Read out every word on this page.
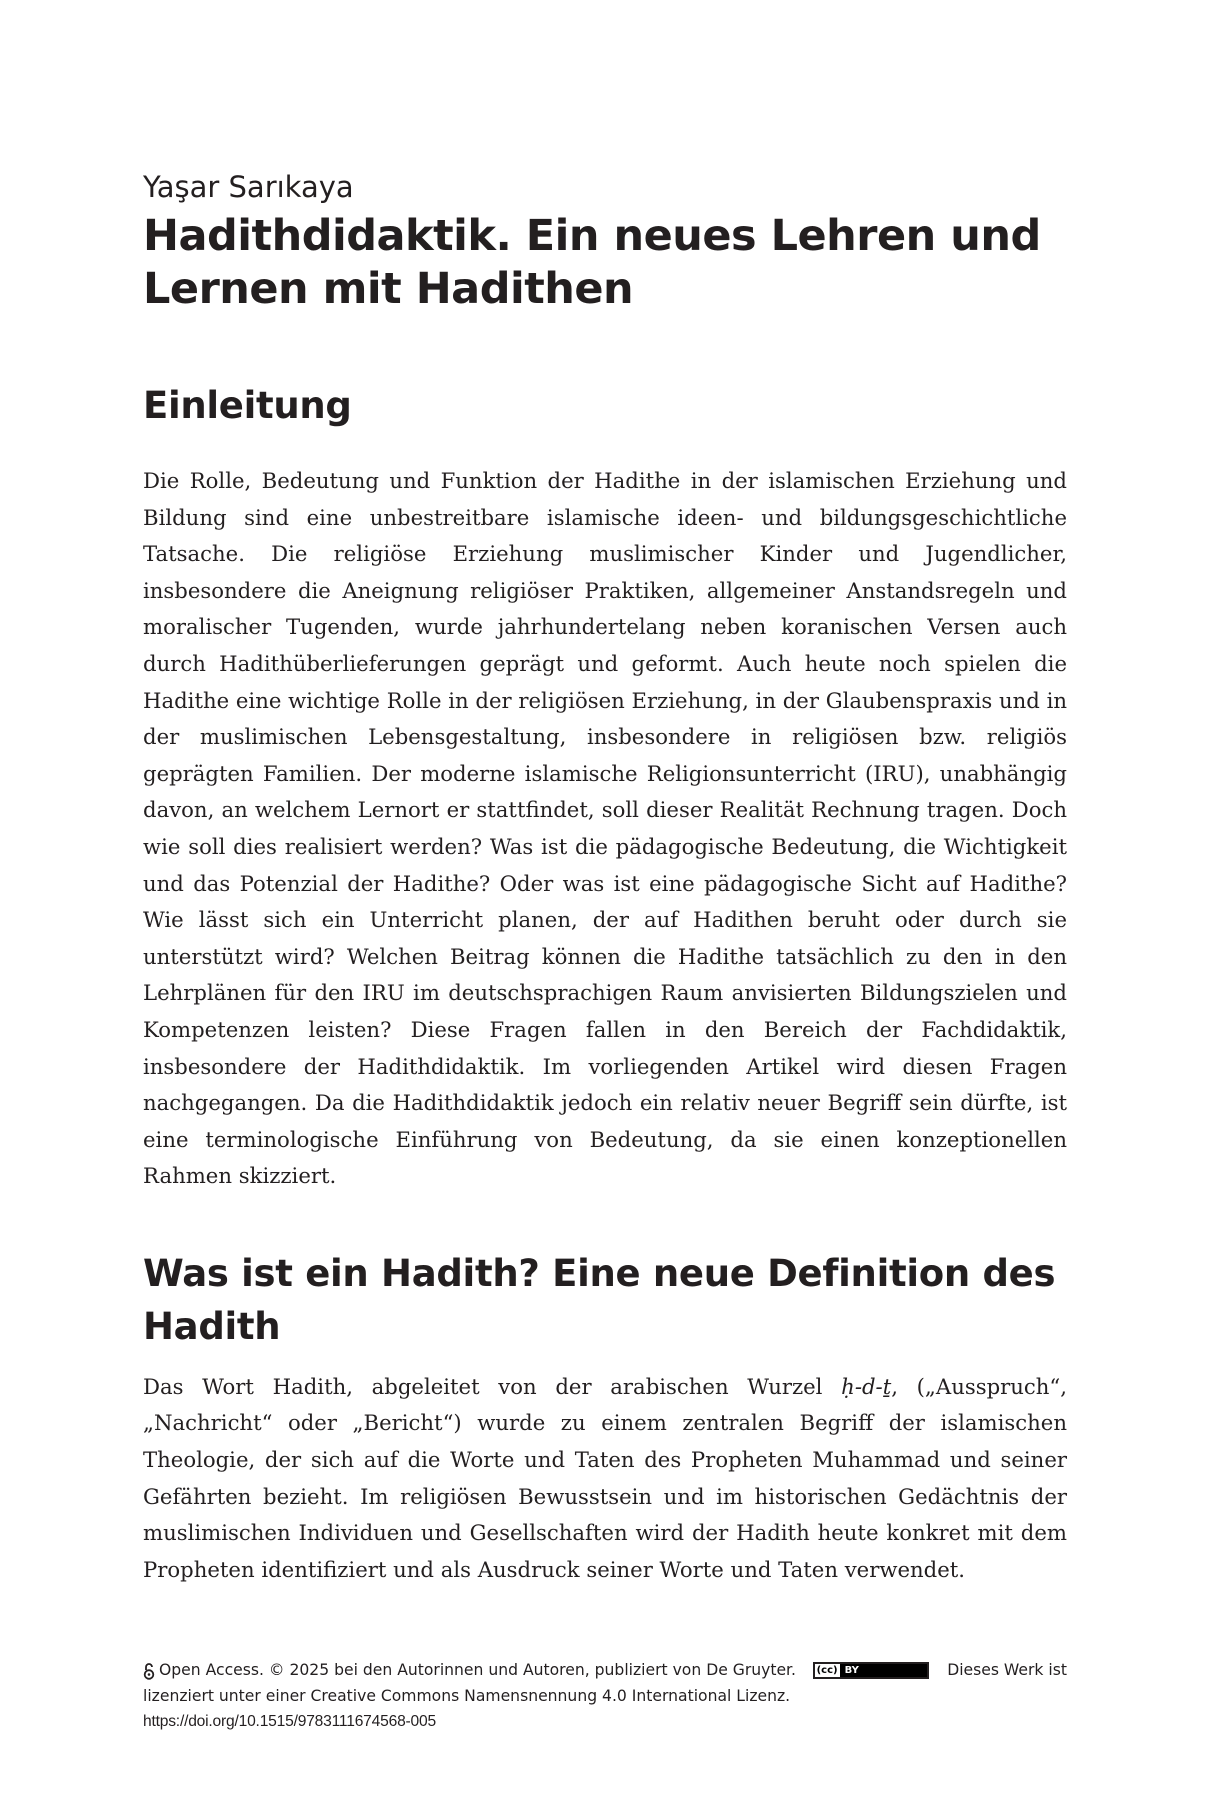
Yaşar Sarıkaya

Hadithdidaktik. Ein neues Lehren und
Lernen mit Hadithen
Einleitung

Die Rolle, Bedeutung und Funktion der Hadithe in der islamischen Erziehung und Bildung sind eine unbestreitbare islamische ideen- und bildungsgeschichtliche Tatsache. Die religiöse Erziehung muslimischer Kinder und Jugendlicher, insbesondere die Aneignung religiöser Praktiken, allgemeiner Anstandsregeln und moralischer Tugenden, wurde jahrhundertelang neben koranischen Versen auch durch Hadithüberlieferungen geprägt und geformt. Auch heute noch spielen die Hadithe eine wichtige Rolle in der religiösen Erziehung, in der Glaubenspraxis und in der muslimischen Lebensgestaltung, insbesondere in religiösen bzw. religiös geprägten Familien. Der moderne islamische Religionsunterricht (IRU), unabhängig davon, an welchem Lernort er stattfindet, soll dieser Realität Rechnung tragen. Doch wie soll dies realisiert werden? Was ist die pädagogische Bedeutung, die Wichtigkeit und das Potenzial der Hadithe? Oder was ist eine pädagogische Sicht auf Hadithe? Wie lässt sich ein Unterricht planen, der auf Hadithen beruht oder durch sie unterstützt wird? Welchen Beitrag können die Hadithe tatsächlich zu den in den Lehrplänen für den IRU im deutschsprachigen Raum anvisierten Bildungszielen und Kompetenzen leisten? Diese Fragen fallen in den Bereich der Fachdidaktik, insbesondere der Hadithdidaktik. Im vorliegenden Artikel wird diesen Fragen nachgegangen. Da die Hadithdidaktik jedoch ein relativ neuer Begriff sein dürfte, ist eine terminologische Einführung von Bedeutung, da sie einen konzeptionellen Rahmen skizziert.

Was ist ein Hadith? Eine neue Definition des
Hadith

Das Wort Hadith, abgeleitet von der arabischen Wurzel ḥ-d-ṯ, („Ausspruch“, „Nachricht“ oder „Bericht“) wurde zu einem zentralen Begriff der islamischen Theologie, der sich auf die Worte und Taten des Propheten Muhammad und seiner Gefährten bezieht. Im religiösen Bewusstsein und im historischen Gedächtnis der muslimischen Individuen und Gesellschaften wird der Hadith heute konkret mit dem Propheten identifiziert und als Ausdruck seiner Worte und Taten verwendet.

Open Access. © 2025 bei den Autorinnen und Autoren, publiziert von De Gruyter. ( cc ) BY	Dieses Werk ist
lizenziert unter einer Creative Commons Namensnennung 4.0 International Lizenz.
https://doi.org/10.1515/9783111674568-005
